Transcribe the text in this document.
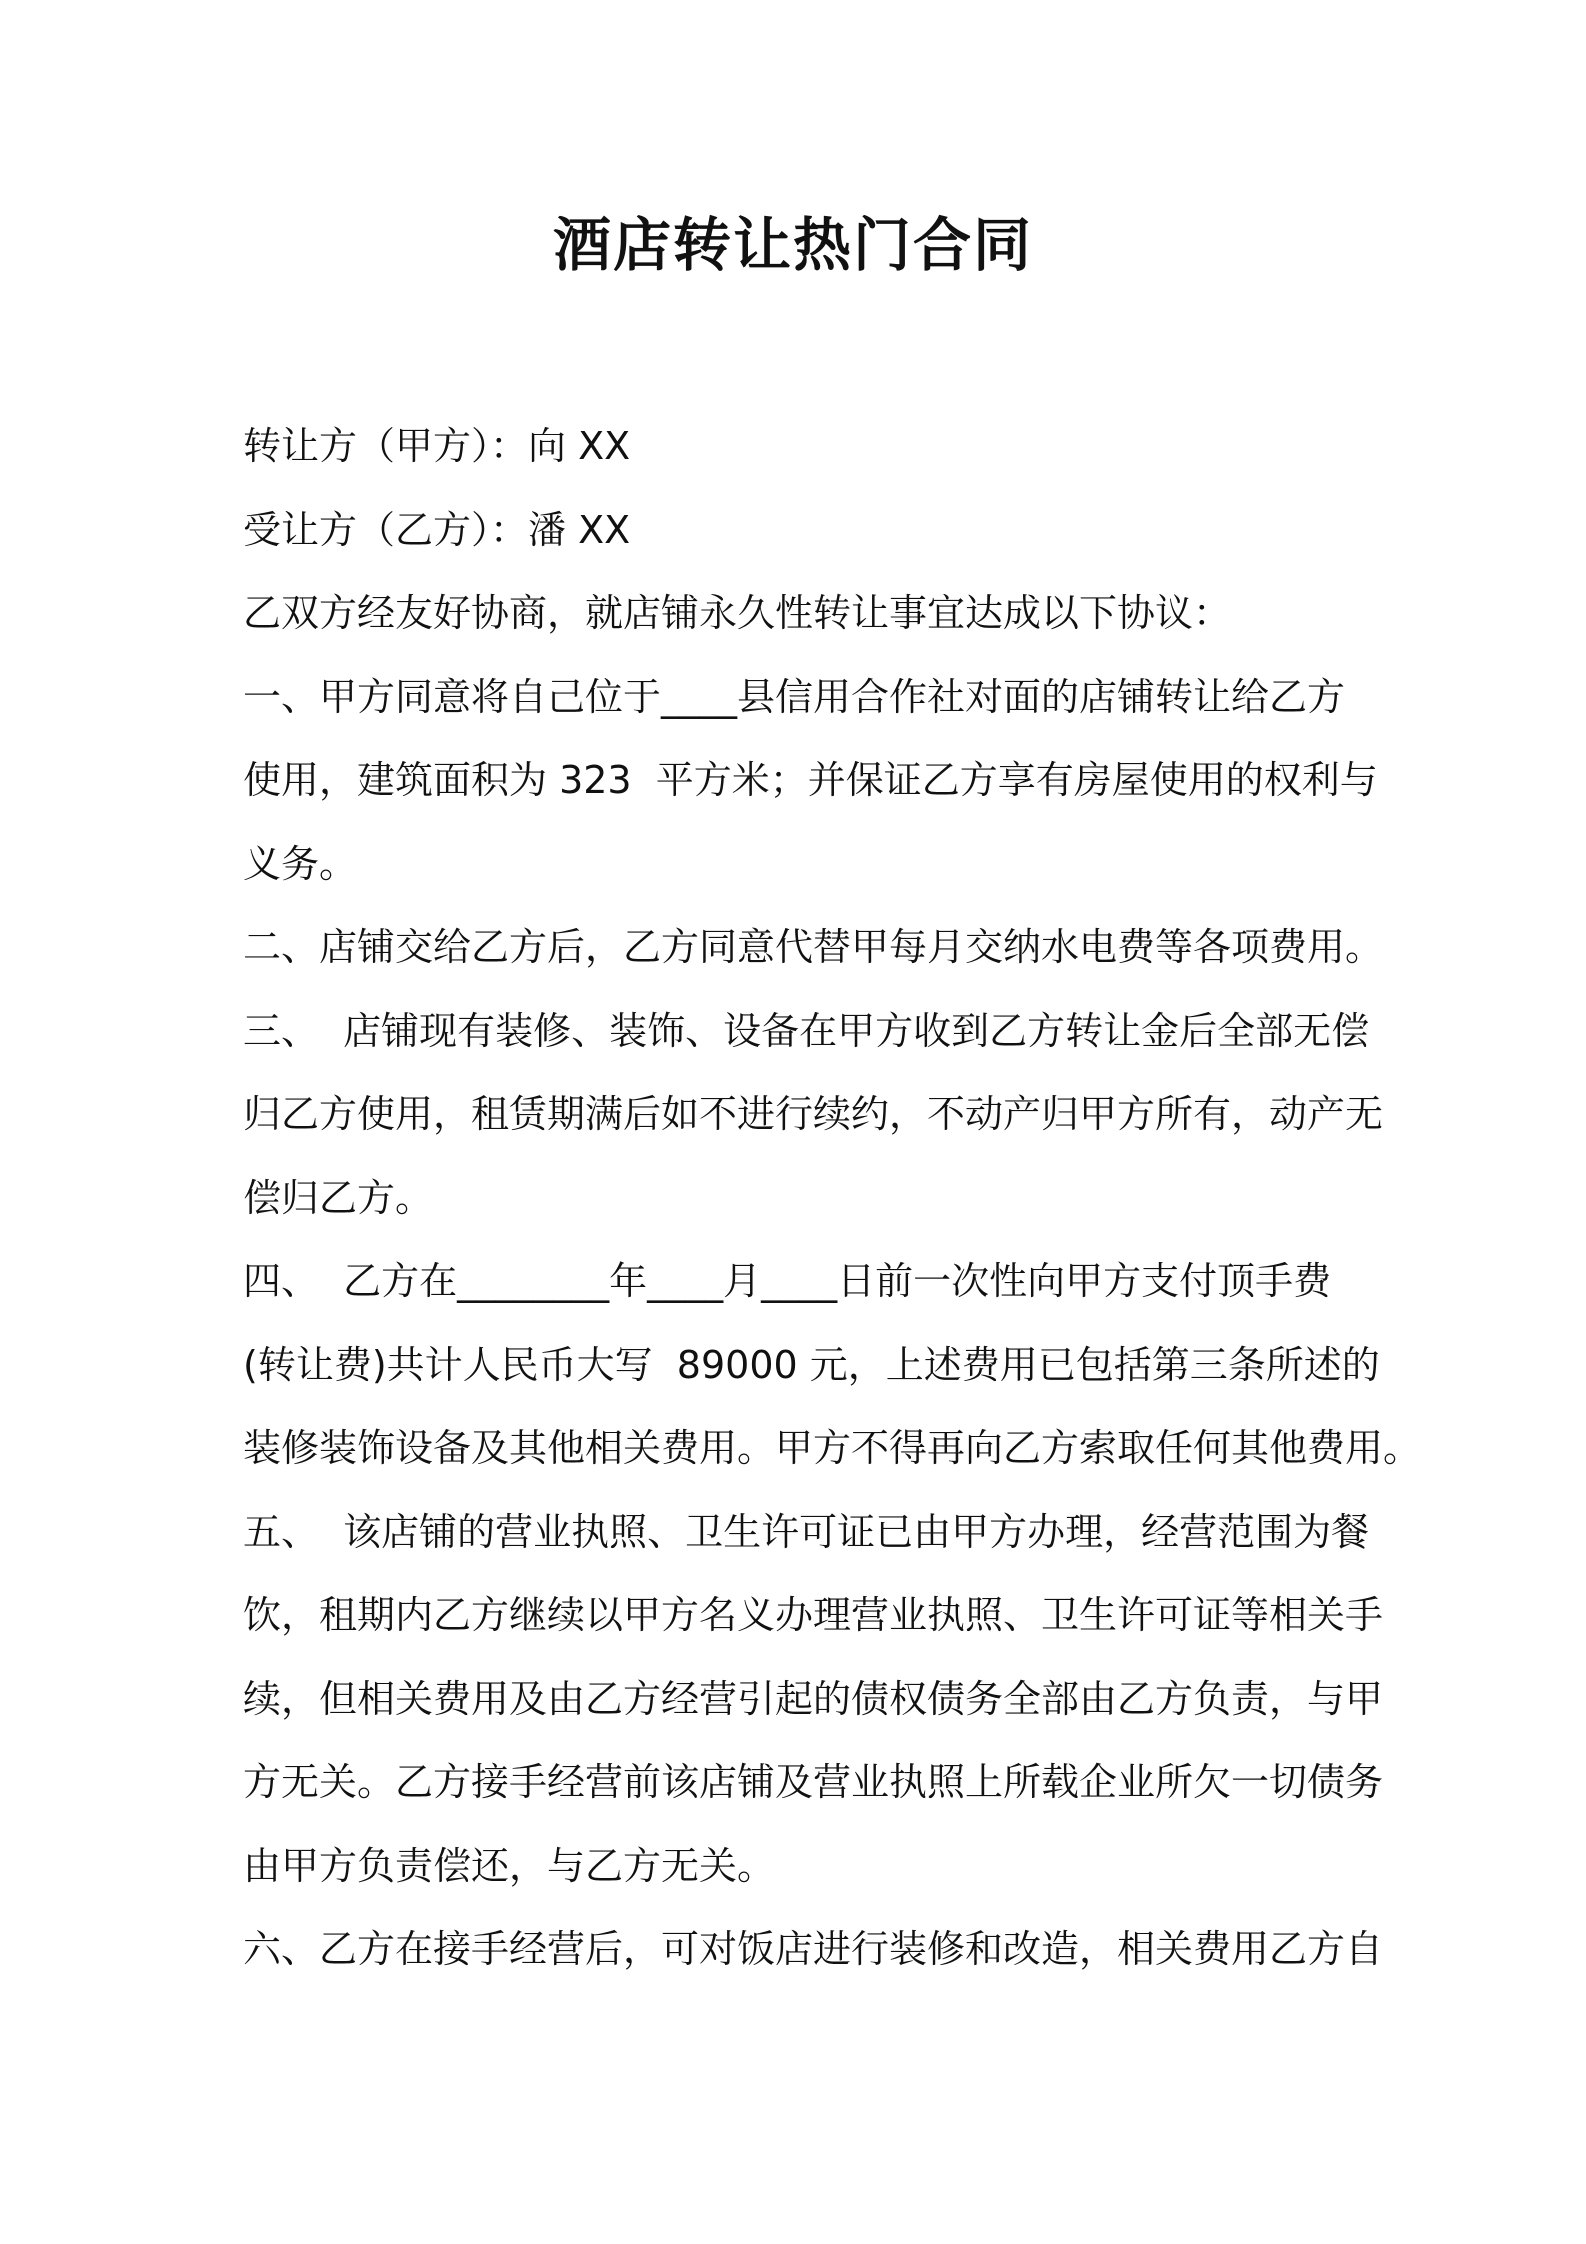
酒店转让热门合同
转让方（甲方）：向 XX
受让方（乙方）：潘 XX
乙双方经友好协商，就店铺永久性转让事宜达成以下协议：
一、甲方同意将自己位于____县信用合作社对面的店铺转让给乙方
使用，建筑面积为 323  平方米；并保证乙方享有房屋使用的权利与
义务。
二、店铺交给乙方后，乙方同意代替甲每月交纳水电费等各项费用。
三、  店铺现有装修、装饰、设备在甲方收到乙方转让金后全部无偿
归乙方使用，租赁期满后如不进行续约，不动产归甲方所有，动产无
偿归乙方。
四、  乙方在________年____月____日前一次性向甲方支付顶手费
(转让费)共计人民币大写  89000 元，上述费用已包括第三条所述的
装修装饰设备及其他相关费用。甲方不得再向乙方索取任何其他费用。
五、  该店铺的营业执照、卫生许可证已由甲方办理，经营范围为餐
饮，租期内乙方继续以甲方名义办理营业执照、卫生许可证等相关手
续，但相关费用及由乙方经营引起的债权债务全部由乙方负责，与甲
方无关。乙方接手经营前该店铺及营业执照上所载企业所欠一切债务
由甲方负责偿还，与乙方无关。
六、乙方在接手经营后，可对饭店进行装修和改造，相关费用乙方自
